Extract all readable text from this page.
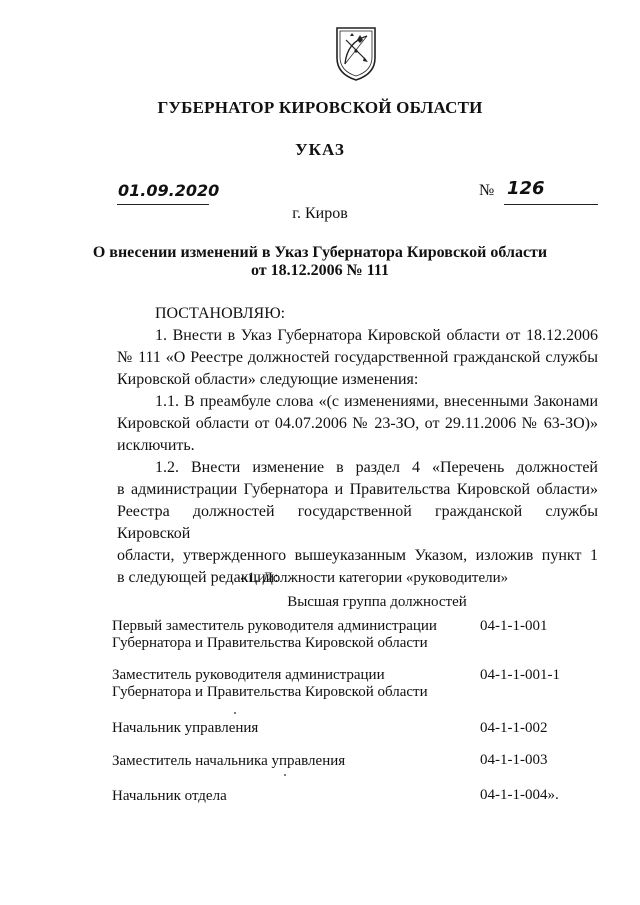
ГУБЕРНАТОР КИРОВСКОЙ ОБЛАСТИ
УКАЗ
01.09.2020	№ 126
г. Киров
О внесении изменений в Указ Губернатора Кировской области
от 18.12.2006 № 111
ПОСТАНОВЛЯЮ:
1. Внести в Указ Губернатора Кировской области от 18.12.2006
№ 111 «О Реестре должностей государственной гражданской службы
Кировской области» следующие изменения:
1.1. В преамбуле слова «(с изменениями, внесенными Законами
Кировской области от 04.07.2006 № 23-ЗО, от 29.11.2006 № 63-ЗО)»
исключить.
1.2. Внести изменение в раздел 4 «Перечень должностей
в администрации Губернатора и Правительства Кировской области»
Реестра должностей государственной гражданской службы Кировской
области, утвержденного вышеуказанным Указом, изложив пункт 1
в следующей редакции:
«1. Должности категории «руководители»
Высшая группа должностей
Первый заместитель руководителя администрации
Губернатора и Правительства Кировской области
04-1-1-001
Заместитель руководителя администрации
Губернатора и Правительства Кировской области
04-1-1-001-1
Начальник управления	04-1-1-002
Заместитель начальника управления	04-1-1-003
Начальник отдела	04-1-1-004».
